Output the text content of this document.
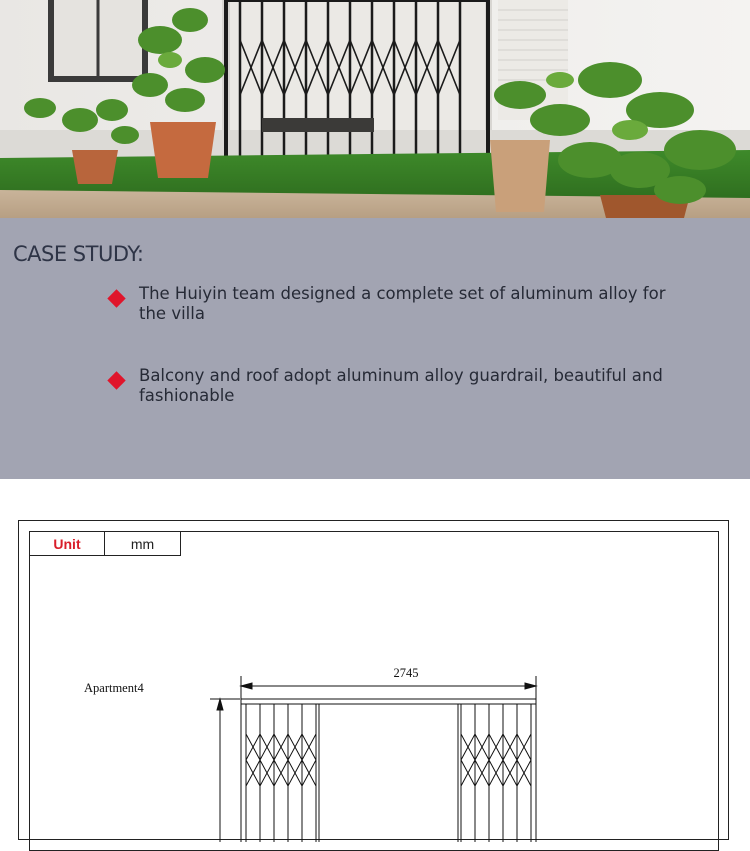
CASE STUDY:
The Huiyin team designed a complete set of aluminum alloy for the villa
Balcony and roof adopt aluminum alloy guardrail, beautiful and fashionable
Unit	mm
Apartment4
2745
